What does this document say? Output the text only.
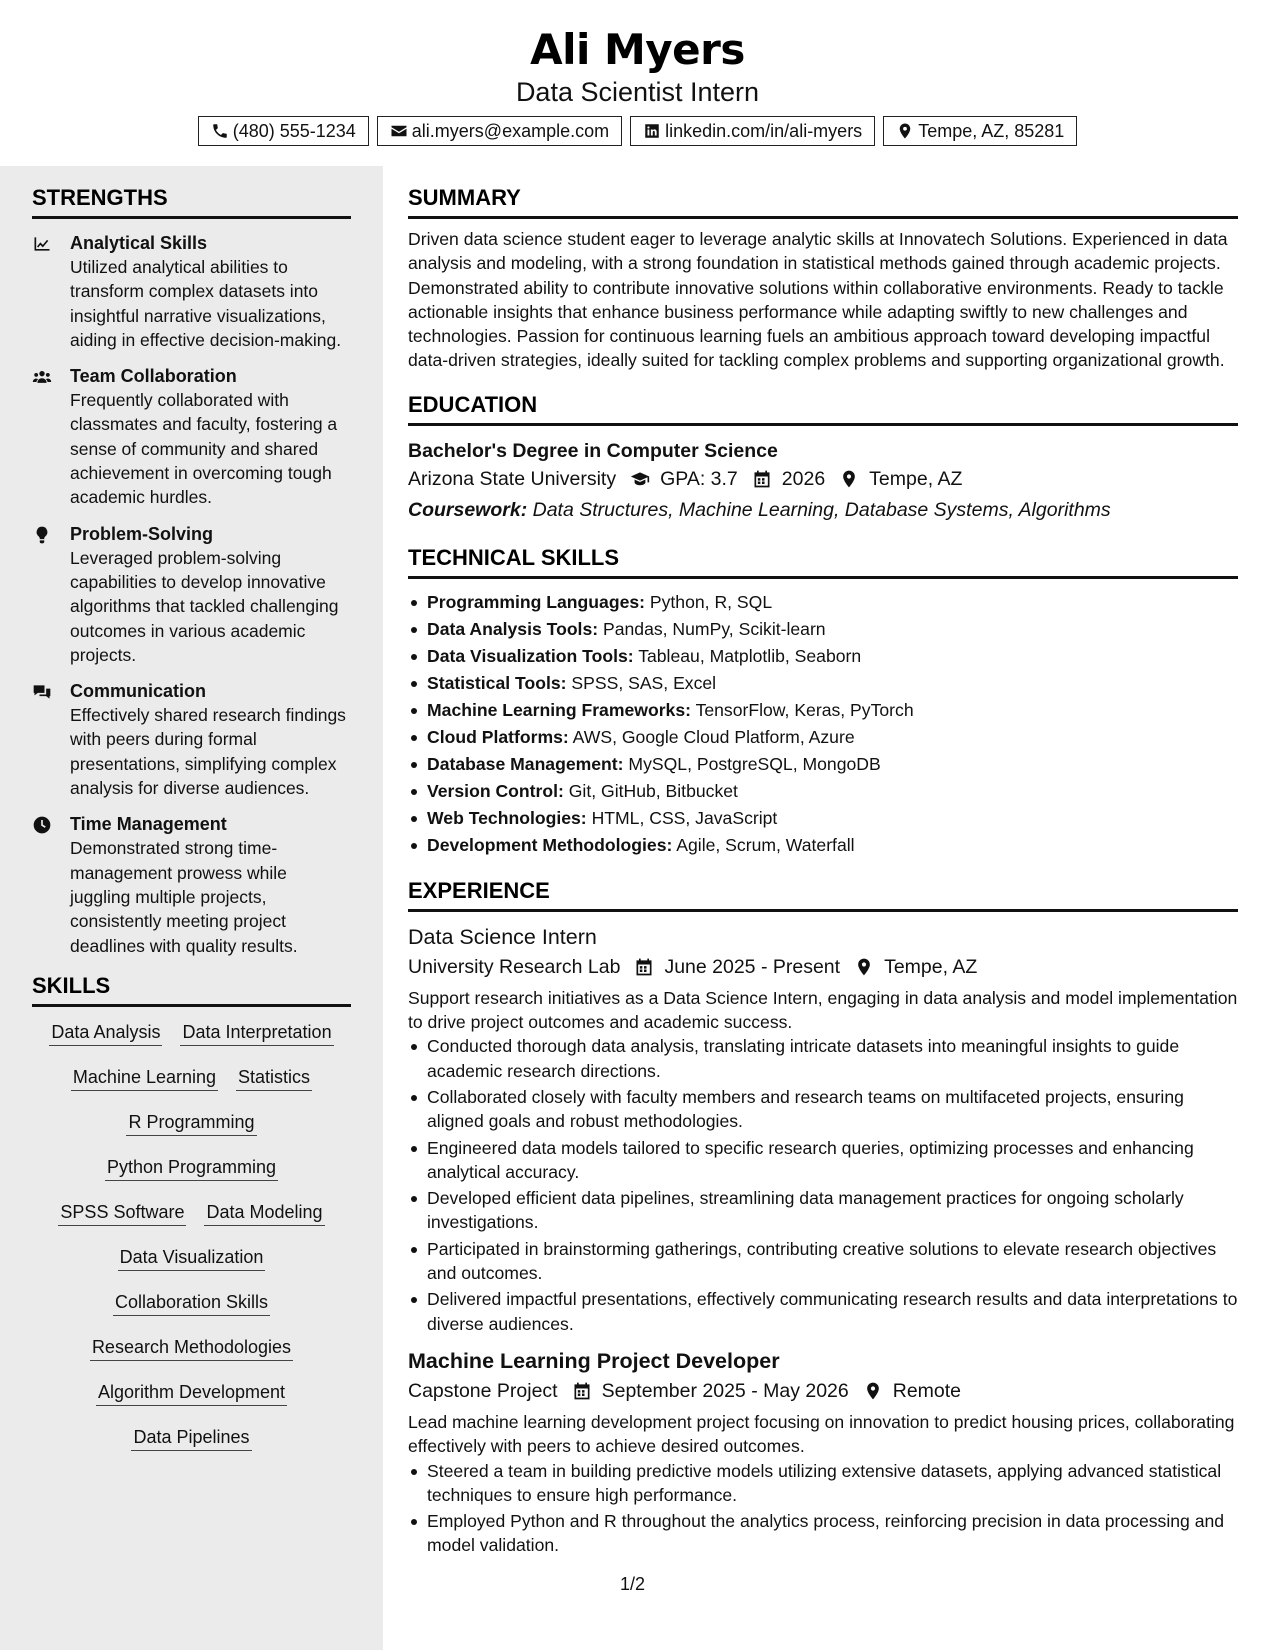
Ali Myers
Data Scientist Intern
(480) 555-1234	ali.myers@example.com	linkedin.com/in/ali-myers	Tempe, AZ, 85281
STRENGTHS
Analytical Skills
Utilized analytical abilities to transform complex datasets into insightful narrative visualizations, aiding in effective decision-making.
Team Collaboration
Frequently collaborated with classmates and faculty, fostering a sense of community and shared achievement in overcoming tough academic hurdles.
Problem-Solving
Leveraged problem-solving capabilities to develop innovative algorithms that tackled challenging outcomes in various academic projects.
Communication
Effectively shared research findings with peers during formal presentations, simplifying complex analysis for diverse audiences.
Time Management
Demonstrated strong time-management prowess while juggling multiple projects, consistently meeting project deadlines with quality results.
SKILLS
Data Analysis Data Interpretation
Machine Learning Statistics
R Programming
Python Programming
SPSS Software Data Modeling
Data Visualization
Collaboration Skills
Research Methodologies
Algorithm Development
Data Pipelines
SUMMARY
Driven data science student eager to leverage analytic skills at Innovatech Solutions. Experienced in data analysis and modeling, with a strong foundation in statistical methods gained through academic projects. Demonstrated ability to contribute innovative solutions within collaborative environments. Ready to tackle actionable insights that enhance business performance while adapting swiftly to new challenges and technologies. Passion for continuous learning fuels an ambitious approach toward developing impactful data-driven strategies, ideally suited for tackling complex problems and supporting organizational growth.
EDUCATION
Bachelor's Degree in Computer Science
Arizona State University GPA: 3.7 2026 Tempe, AZ
Coursework: Data Structures, Machine Learning, Database Systems, Algorithms
TECHNICAL SKILLS
Programming Languages: Python, R, SQL
Data Analysis Tools: Pandas, NumPy, Scikit-learn
Data Visualization Tools: Tableau, Matplotlib, Seaborn
Statistical Tools: SPSS, SAS, Excel
Machine Learning Frameworks: TensorFlow, Keras, PyTorch
Cloud Platforms: AWS, Google Cloud Platform, Azure
Database Management: MySQL, PostgreSQL, MongoDB
Version Control: Git, GitHub, Bitbucket
Web Technologies: HTML, CSS, JavaScript
Development Methodologies: Agile, Scrum, Waterfall
EXPERIENCE
Data Science Intern
University Research Lab June 2025 - Present Tempe, AZ
Support research initiatives as a Data Science Intern, engaging in data analysis and model implementation to drive project outcomes and academic success.
Conducted thorough data analysis, translating intricate datasets into meaningful insights to guide academic research directions.
Collaborated closely with faculty members and research teams on multifaceted projects, ensuring aligned goals and robust methodologies.
Engineered data models tailored to specific research queries, optimizing processes and enhancing analytical accuracy.
Developed efficient data pipelines, streamlining data management practices for ongoing scholarly investigations.
Participated in brainstorming gatherings, contributing creative solutions to elevate research objectives and outcomes.
Delivered impactful presentations, effectively communicating research results and data interpretations to diverse audiences.
Machine Learning Project Developer
Capstone Project September 2025 - May 2026 Remote
Lead machine learning development project focusing on innovation to predict housing prices, collaborating effectively with peers to achieve desired outcomes.
Steered a team in building predictive models utilizing extensive datasets, applying advanced statistical techniques to ensure high performance.
Employed Python and R throughout the analytics process, reinforcing precision in data processing and model validation.
1/2
